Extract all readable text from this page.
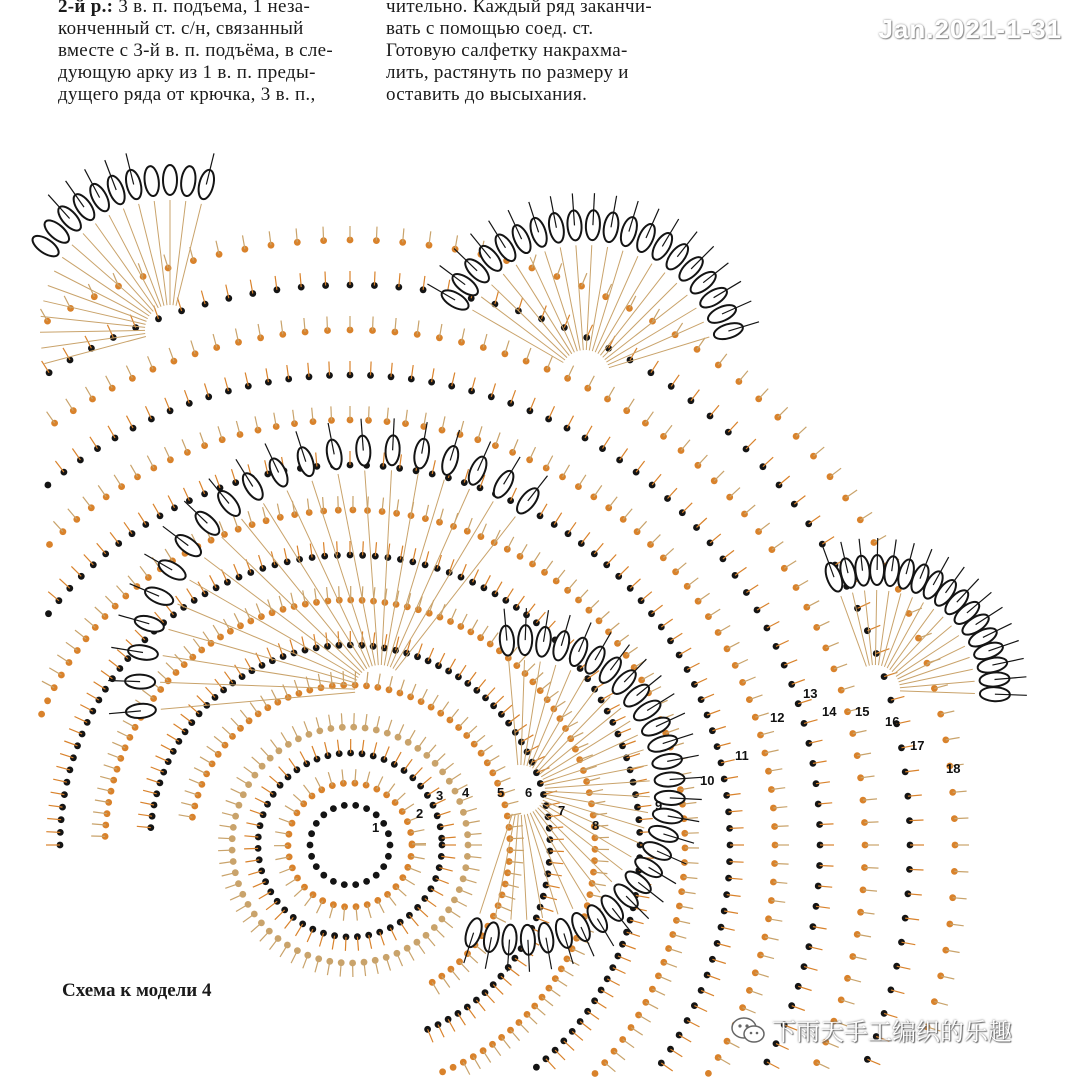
1
2
3 4 5 6
7
8
9
10
11
12
13
14 15
16
17
18
2-й р.: 3 в. п. подъема, 1 неза-
конченный ст. с/н, связанный
вместе с 3-й в. п. подъёма, в сле-
дующую арку из 1 в. п. преды-
дущего ряда от крючка, 3 в. п.,
чительно. Каждый ряд заканчи-
вать с помощью соед. ст.
Готовую салфетку накрахма-
лить, растянуть по размеру и
оставить до высыхания.
Jan.2021-1-31
Схема к модели 4
下雨天手工编织的乐趣
